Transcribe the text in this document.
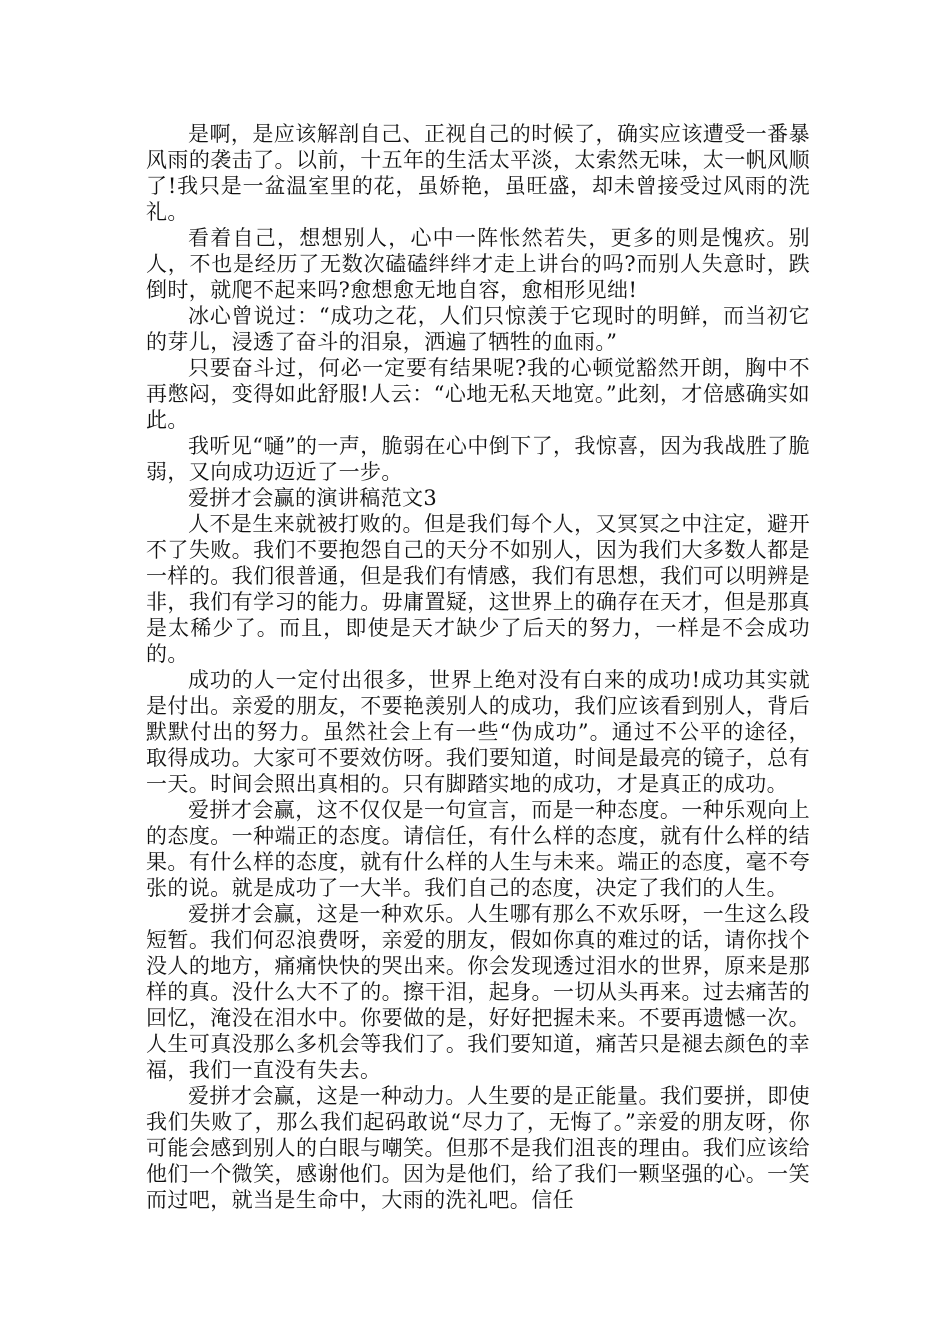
是啊，是应该解剖自己、正视自己的时候了，确实应该遭受一番暴风雨的袭击了。以前，十五年的生活太平淡，太索然无味，太一帆风顺了!我只是一盆温室里的花，虽娇艳，虽旺盛，却未曾接受过风雨的洗礼。

看着自己，想想别人，心中一阵怅然若失，更多的则是愧疚。别人，不也是经历了无数次磕磕绊绊才走上讲台的吗?而别人失意时，跌倒时，就爬不起来吗?愈想愈无地自容，愈相形见绌!

冰心曾说过：“成功之花，人们只惊羡于它现时的明鲜，而当初它的芽儿，浸透了奋斗的泪泉，洒遍了牺牲的血雨。”

只要奋斗过，何必一定要有结果呢?我的心顿觉豁然开朗，胸中不再憋闷，变得如此舒服!人云：“心地无私天地宽。”此刻，才倍感确实如此。

我听见“嗵”的一声，脆弱在心中倒下了，我惊喜，因为我战胜了脆弱，又向成功迈近了一步。

爱拼才会赢的演讲稿范文3

人不是生来就被打败的。但是我们每个人，又冥冥之中注定，避开不了失败。我们不要抱怨自己的天分不如别人，因为我们大多数人都是一样的。我们很普通，但是我们有情感，我们有思想，我们可以明辨是非，我们有学习的能力。毋庸置疑，这世界上的确存在天才，但是那真是太稀少了。而且，即使是天才缺少了后天的努力，一样是不会成功的。

成功的人一定付出很多，世界上绝对没有白来的成功!成功其实就是付出。亲爱的朋友，不要艳羡别人的成功，我们应该看到别人，背后默默付出的努力。虽然社会上有一些“伪成功”。通过不公平的途径，取得成功。大家可不要效仿呀。我们要知道，时间是最亮的镜子，总有一天。时间会照出真相的。只有脚踏实地的成功，才是真正的成功。

爱拼才会赢，这不仅仅是一句宣言，而是一种态度。一种乐观向上的态度。一种端正的态度。请信任，有什么样的态度，就有什么样的结果。有什么样的态度，就有什么样的人生与未来。端正的态度，毫不夸张的说。就是成功了一大半。我们自己的态度，决定了我们的人生。

爱拼才会赢，这是一种欢乐。人生哪有那么不欢乐呀，一生这么段短暂。我们何忍浪费呀，亲爱的朋友，假如你真的难过的话，请你找个没人的地方，痛痛快快的哭出来。你会发现透过泪水的世界，原来是那样的真。没什么大不了的。擦干泪，起身。一切从头再来。过去痛苦的回忆，淹没在泪水中。你要做的是，好好把握未来。不要再遗憾一次。人生可真没那么多机会等我们了。我们要知道，痛苦只是褪去颜色的幸福，我们一直没有失去。

爱拼才会赢，这是一种动力。人生要的是正能量。我们要拼，即使我们失败了，那么我们起码敢说“尽力了，无悔了。”亲爱的朋友呀，你可能会感到别人的白眼与嘲笑。但那不是我们沮丧的理由。我们应该给他们一个微笑，感谢他们。因为是他们，给了我们一颗坚强的心。一笑而过吧，就当是生命中，大雨的洗礼吧。信任
